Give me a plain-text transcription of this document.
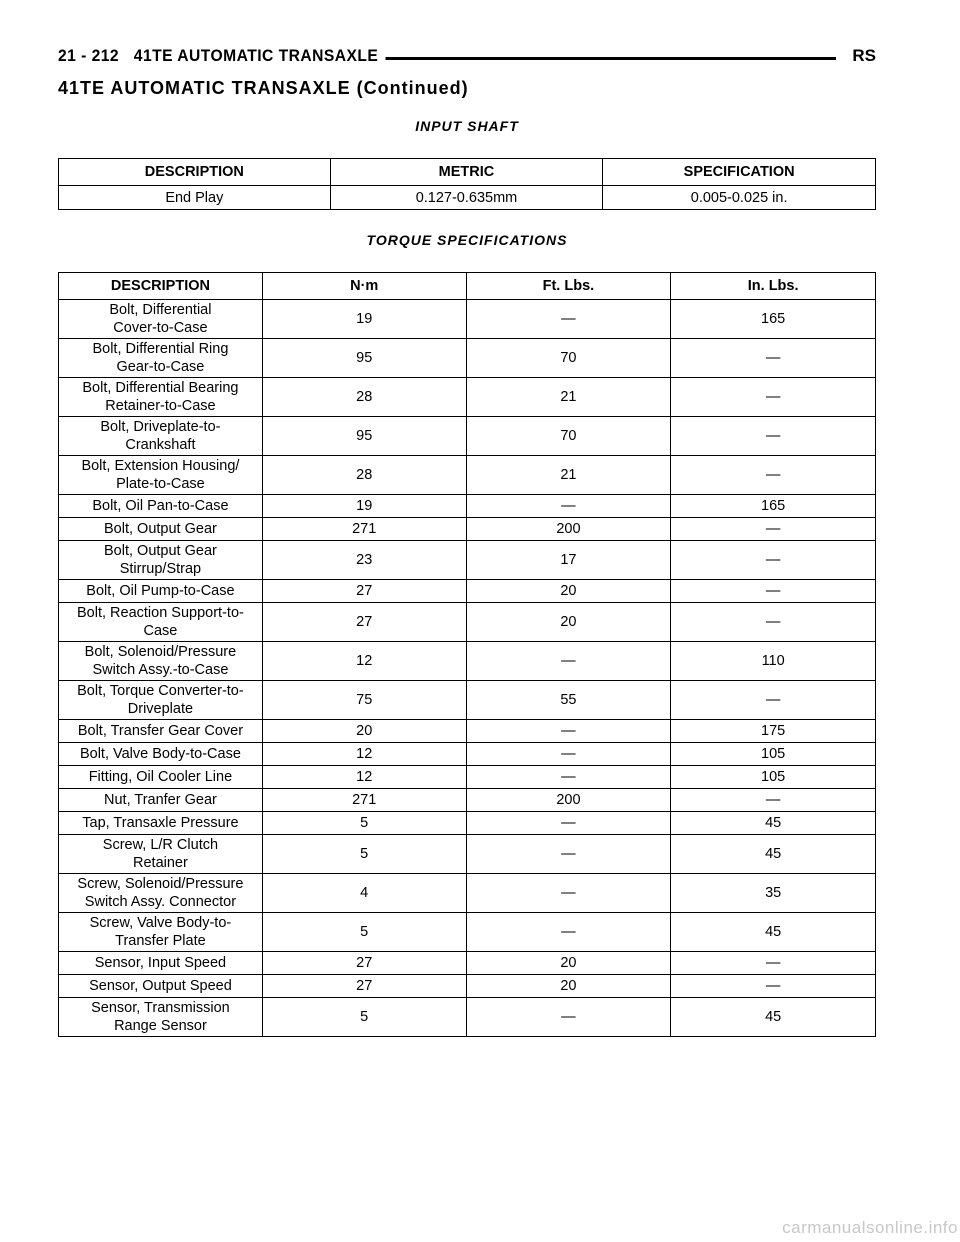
21 - 212 41TE AUTOMATIC TRANSAXLE	RS
41TE AUTOMATIC TRANSAXLE (Continued)
INPUT SHAFT
DESCRIPTION	METRIC	SPECIFICATION
End Play	0.127-0.635mm	0.005-0.025 in.
TORQUE SPECIFICATIONS
DESCRIPTION	N·m	Ft. Lbs.	In. Lbs.
Bolt, Differential
Cover-to-Case	19	—	165
Bolt, Differential Ring
Gear-to-Case	95	70	—
Bolt, Differential Bearing
Retainer-to-Case	28	21	—
Bolt, Driveplate-to-
Crankshaft	95	70	—
Bolt, Extension Housing/
Plate-to-Case	28	21	—
Bolt, Oil Pan-to-Case	19	—	165
Bolt, Output Gear	271	200	—
Bolt, Output Gear
Stirrup/Strap	23	17	—
Bolt, Oil Pump-to-Case	27	20	—
Bolt, Reaction Support-to-
Case	27	20	—
Bolt, Solenoid/Pressure
Switch Assy.-to-Case	12	—	110
Bolt, Torque Converter-to-
Driveplate	75	55	—
Bolt, Transfer Gear Cover	20	—	175
Bolt, Valve Body-to-Case	12	—	105
Fitting, Oil Cooler Line	12	—	105
Nut, Tranfer Gear	271	200	—
Tap, Transaxle Pressure	5	—	45
Screw, L/R Clutch
Retainer	5	—	45
Screw, Solenoid/Pressure
Switch Assy. Connector	4	—	35
Screw, Valve Body-to-
Transfer Plate	5	—	45
Sensor, Input Speed	27	20	—
Sensor, Output Speed	27	20	—
Sensor, Transmission
Range Sensor	5	—	45
carmanualsonline.info
